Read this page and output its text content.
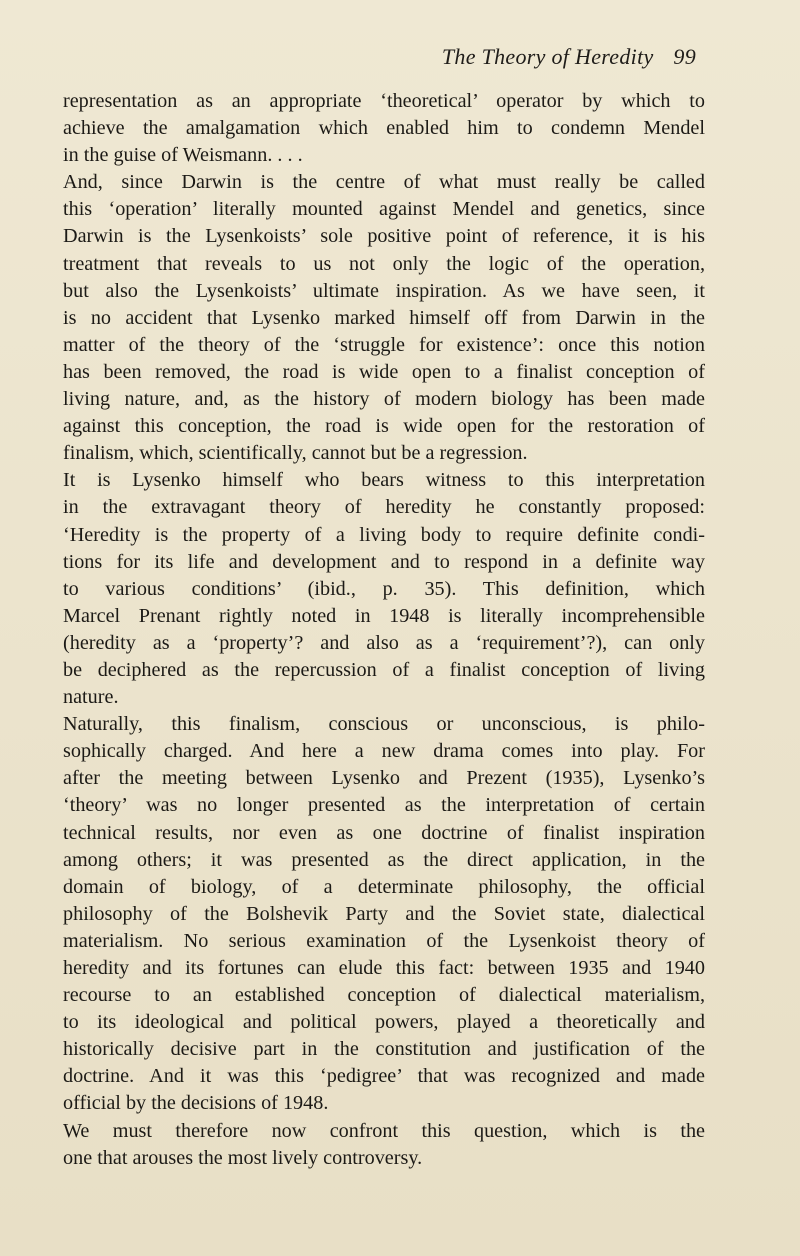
The Theory of Heredity 99
representation as an appropriate ‘theoretical’ operator by which to
achieve the amalgamation which enabled him to condemn Mendel
in the guise of Weismann. . . .
And, since Darwin is the centre of what must really be called
this ‘operation’ literally mounted against Mendel and genetics, since
Darwin is the Lysenkoists’ sole positive point of reference, it is his
treatment that reveals to us not only the logic of the operation,
but also the Lysenkoists’ ultimate inspiration. As we have seen, it
is no accident that Lysenko marked himself off from Darwin in the
matter of the theory of the ‘struggle for existence’: once this notion
has been removed, the road is wide open to a finalist conception of
living nature, and, as the history of modern biology has been made
against this conception, the road is wide open for the restoration of
finalism, which, scientifically, cannot but be a regression.
It is Lysenko himself who bears witness to this interpretation
in the extravagant theory of heredity he constantly proposed:
‘Heredity is the property of a living body to require definite condi-
tions for its life and development and to respond in a definite way
to various conditions’ (ibid., p. 35). This definition, which
Marcel Prenant rightly noted in 1948 is literally incomprehensible
(heredity as a ‘property’? and also as a ‘requirement’?), can only
be deciphered as the repercussion of a finalist conception of living
nature.
Naturally, this finalism, conscious or unconscious, is philo-
sophically charged. And here a new drama comes into play. For
after the meeting between Lysenko and Prezent (1935), Lysenko’s
‘theory’ was no longer presented as the interpretation of certain
technical results, nor even as one doctrine of finalist inspiration
among others; it was presented as the direct application, in the
domain of biology, of a determinate philosophy, the official
philosophy of the Bolshevik Party and the Soviet state, dialectical
materialism. No serious examination of the Lysenkoist theory of
heredity and its fortunes can elude this fact: between 1935 and 1940
recourse to an established conception of dialectical materialism,
to its ideological and political powers, played a theoretically and
historically decisive part in the constitution and justification of the
doctrine. And it was this ‘pedigree’ that was recognized and made
official by the decisions of 1948.
We must therefore now confront this question, which is the
one that arouses the most lively controversy.
